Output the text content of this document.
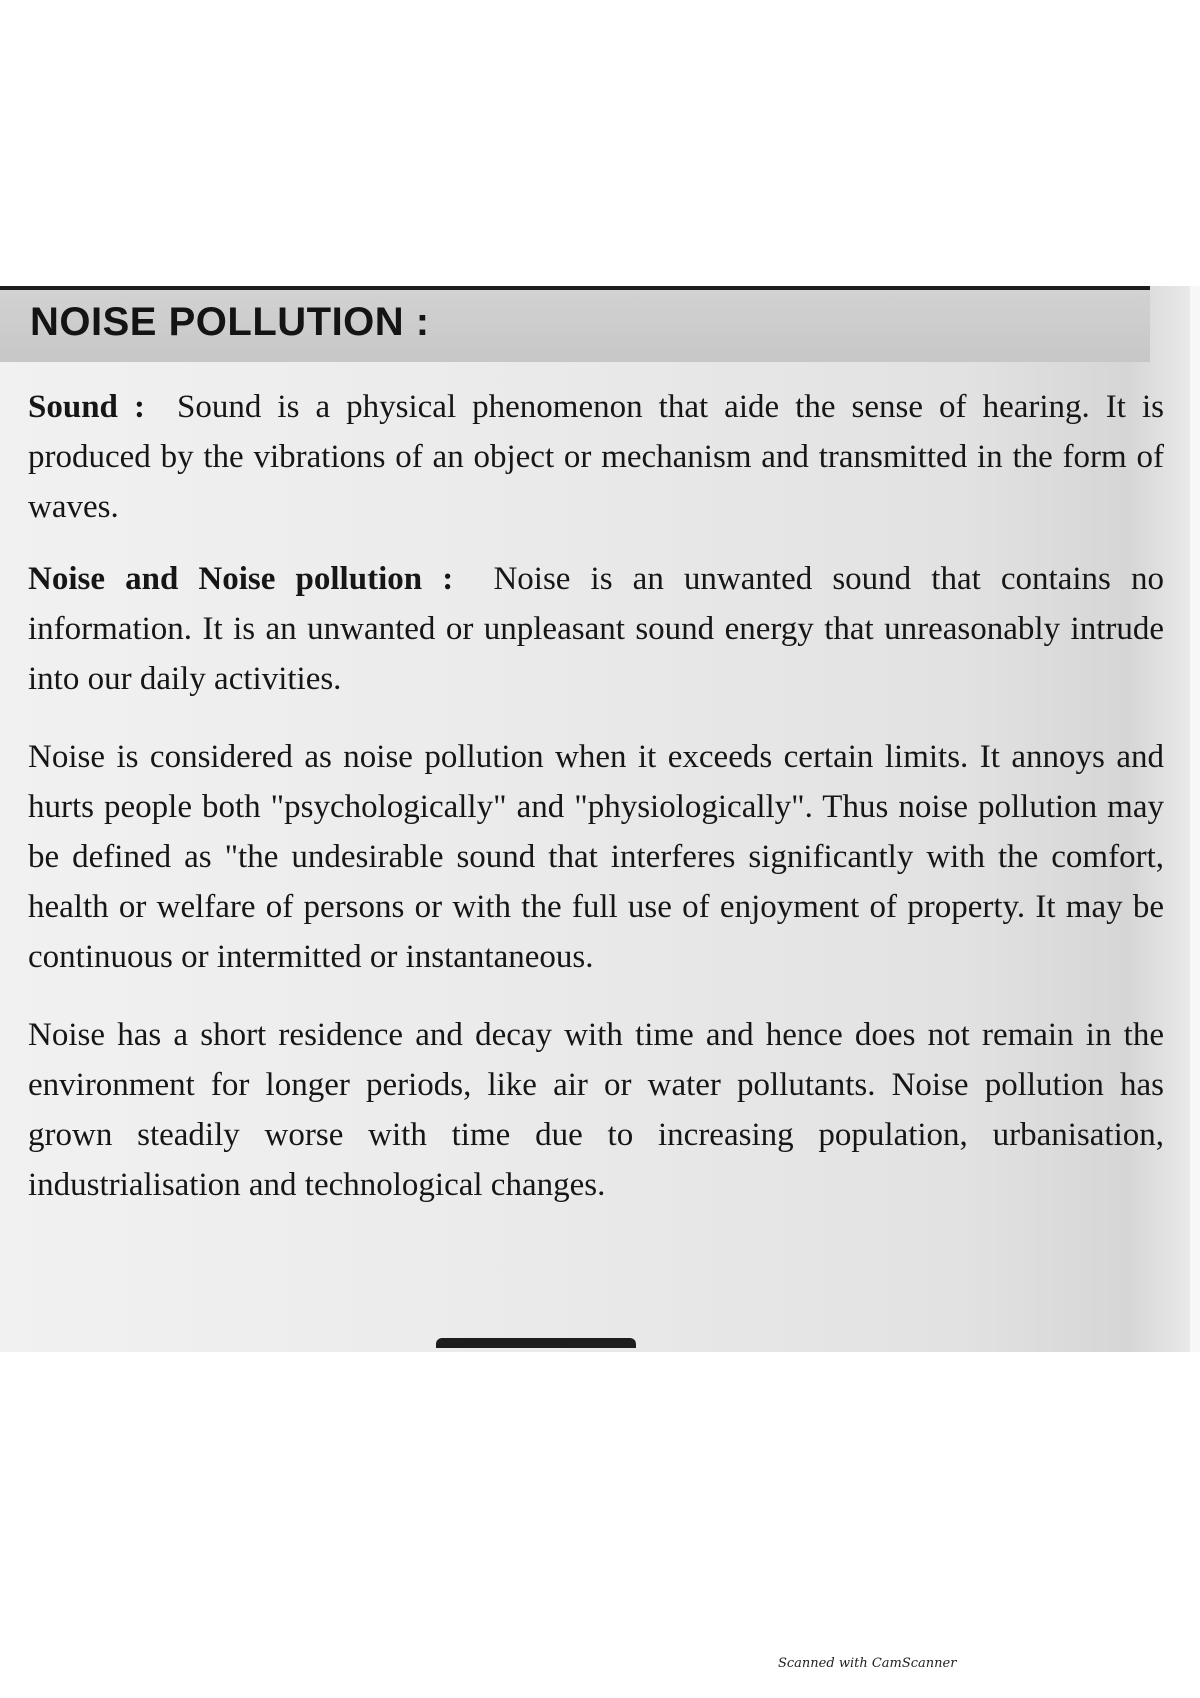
NOISE POLLUTION :

Sound : Sound is a physical phenomenon that aide the sense of hearing. It is produced by the vibrations of an object or mechanism and transmitted in the form of waves.

Noise and Noise pollution : Noise is an unwanted sound that contains no information. It is an unwanted or unpleasant sound energy that unreasonably intrude into our daily activities.

Noise is considered as noise pollution when it exceeds certain limits. It annoys and hurts people both "psychologically" and "physiologically". Thus noise pollution may be defined as "the undesirable sound that interferes significantly with the comfort, health or welfare of persons or with the full use of enjoyment of property. It may be continuous or intermitted or instantaneous.

Noise has a short residence and decay with time and hence does not remain in the environment for longer periods, like air or water pollutants. Noise pollution has grown steadily worse with time due to increasing population, urbanisation, industrialisation and technological changes.

Scanned with CamScanner
